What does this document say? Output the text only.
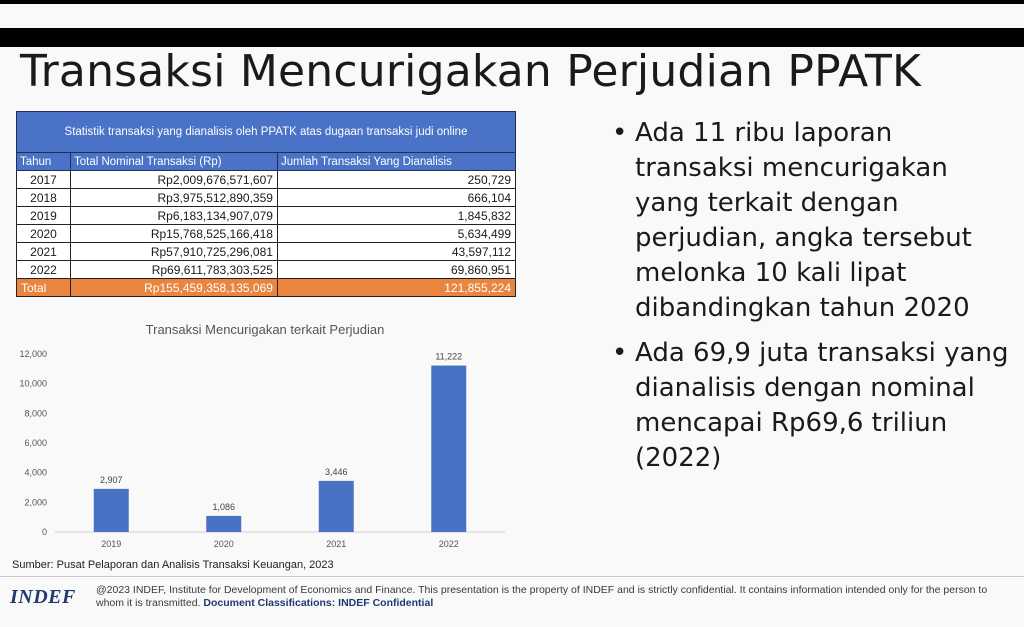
Transaksi Mencurigakan Perjudian PPATK
Statistik transaksi yang dianalisis oleh PPATK atas dugaan transaksi judi online		
Tahun	Total Nominal Transaksi (Rp)	Jumlah Transaksi Yang Dianalisis
2017	Rp2,009,676,571,607	250,729
2018	Rp3,975,512,890,359	666,104
2019	Rp6,183,134,907,079	1,845,832
2020	Rp15,768,525,166,418	5,634,499
2021	Rp57,910,725,296,081	43,597,112
2022	Rp69,611,783,303,525	69,860,951
Total	Rp155,459,358,135,069	121,855,224
Transaksi Mencurigakan terkait Perjudian
0
2,000
4,000
6,000
8,000
10,000
12,000
2,907
2019
1,086
2020
3,446
2021
11,222
2022
Sumber: Pusat Pelaporan dan Analisis Transaksi Keuangan, 2023
• Ada 11 ribu laporan transaksi mencurigakan yang terkait dengan perjudian, angka tersebut melonka 10 kali lipat dibandingkan tahun 2020
• Ada 69,9 juta transaksi yang dianalisis dengan nominal mencapai Rp69,6 triliun (2022)
INDEF @2023 INDEF, Institute for Development of Economics and Finance. This presentation is the property of INDEF and is strictly confidential. It contains information intended only for the person to whom it is transmitted. Document Classifications: INDEF Confidential
